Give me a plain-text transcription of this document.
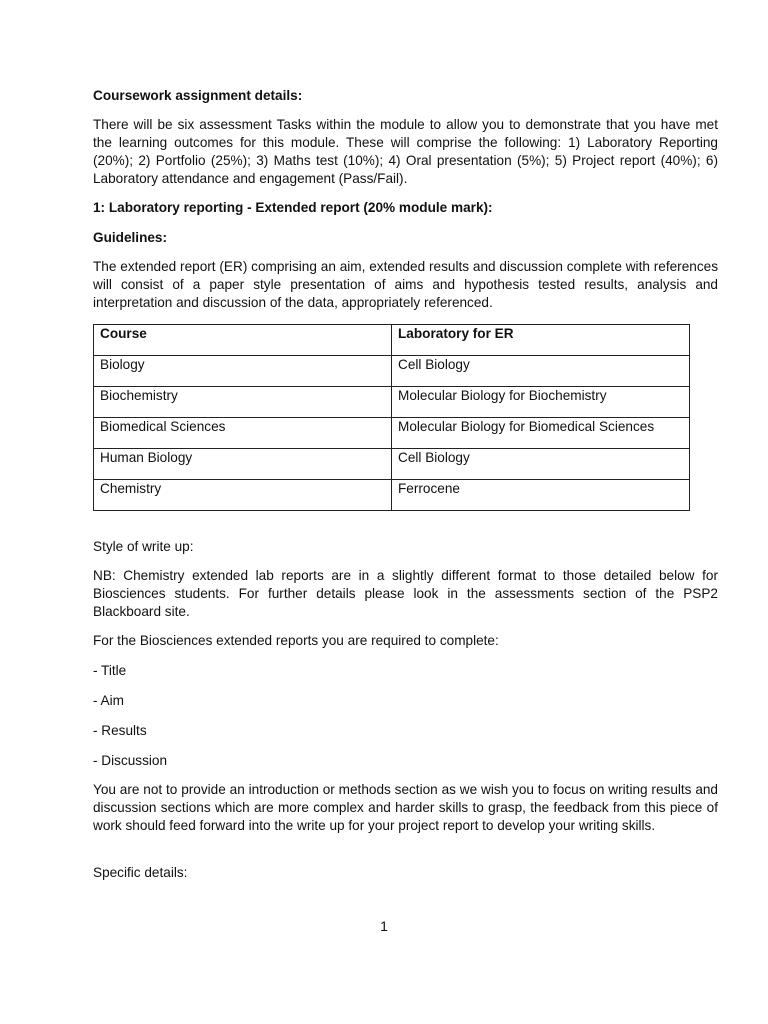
Coursework assignment details:

There will be six assessment Tasks within the module to allow you to demonstrate that you have met the learning outcomes for this module. These will comprise the following: 1) Laboratory Reporting (20%); 2) Portfolio (25%); 3) Maths test (10%); 4) Oral presentation (5%); 5) Project report (40%); 6) Laboratory attendance and engagement (Pass/Fail).

1: Laboratory reporting - Extended report (20% module mark):

Guidelines:

The extended report (ER) comprising an aim, extended results and discussion complete with references will consist of a paper style presentation of aims and hypothesis tested results, analysis and interpretation and discussion of the data, appropriately referenced.

Course	Laboratory for ER
Biology	Cell Biology
Biochemistry	Molecular Biology for Biochemistry
Biomedical Sciences	Molecular Biology for Biomedical Sciences
Human Biology	Cell Biology
Chemistry	Ferrocene

Style of write up:

NB: Chemistry extended lab reports are in a slightly different format to those detailed below for Biosciences students. For further details please look in the assessments section of the PSP2 Blackboard site.

For the Biosciences extended reports you are required to complete:

- Title

- Aim

- Results

- Discussion

You are not to provide an introduction or methods section as we wish you to focus on writing results and discussion sections which are more complex and harder skills to grasp, the feedback from this piece of work should feed forward into the write up for your project report to develop your writing skills.

Specific details:

1
